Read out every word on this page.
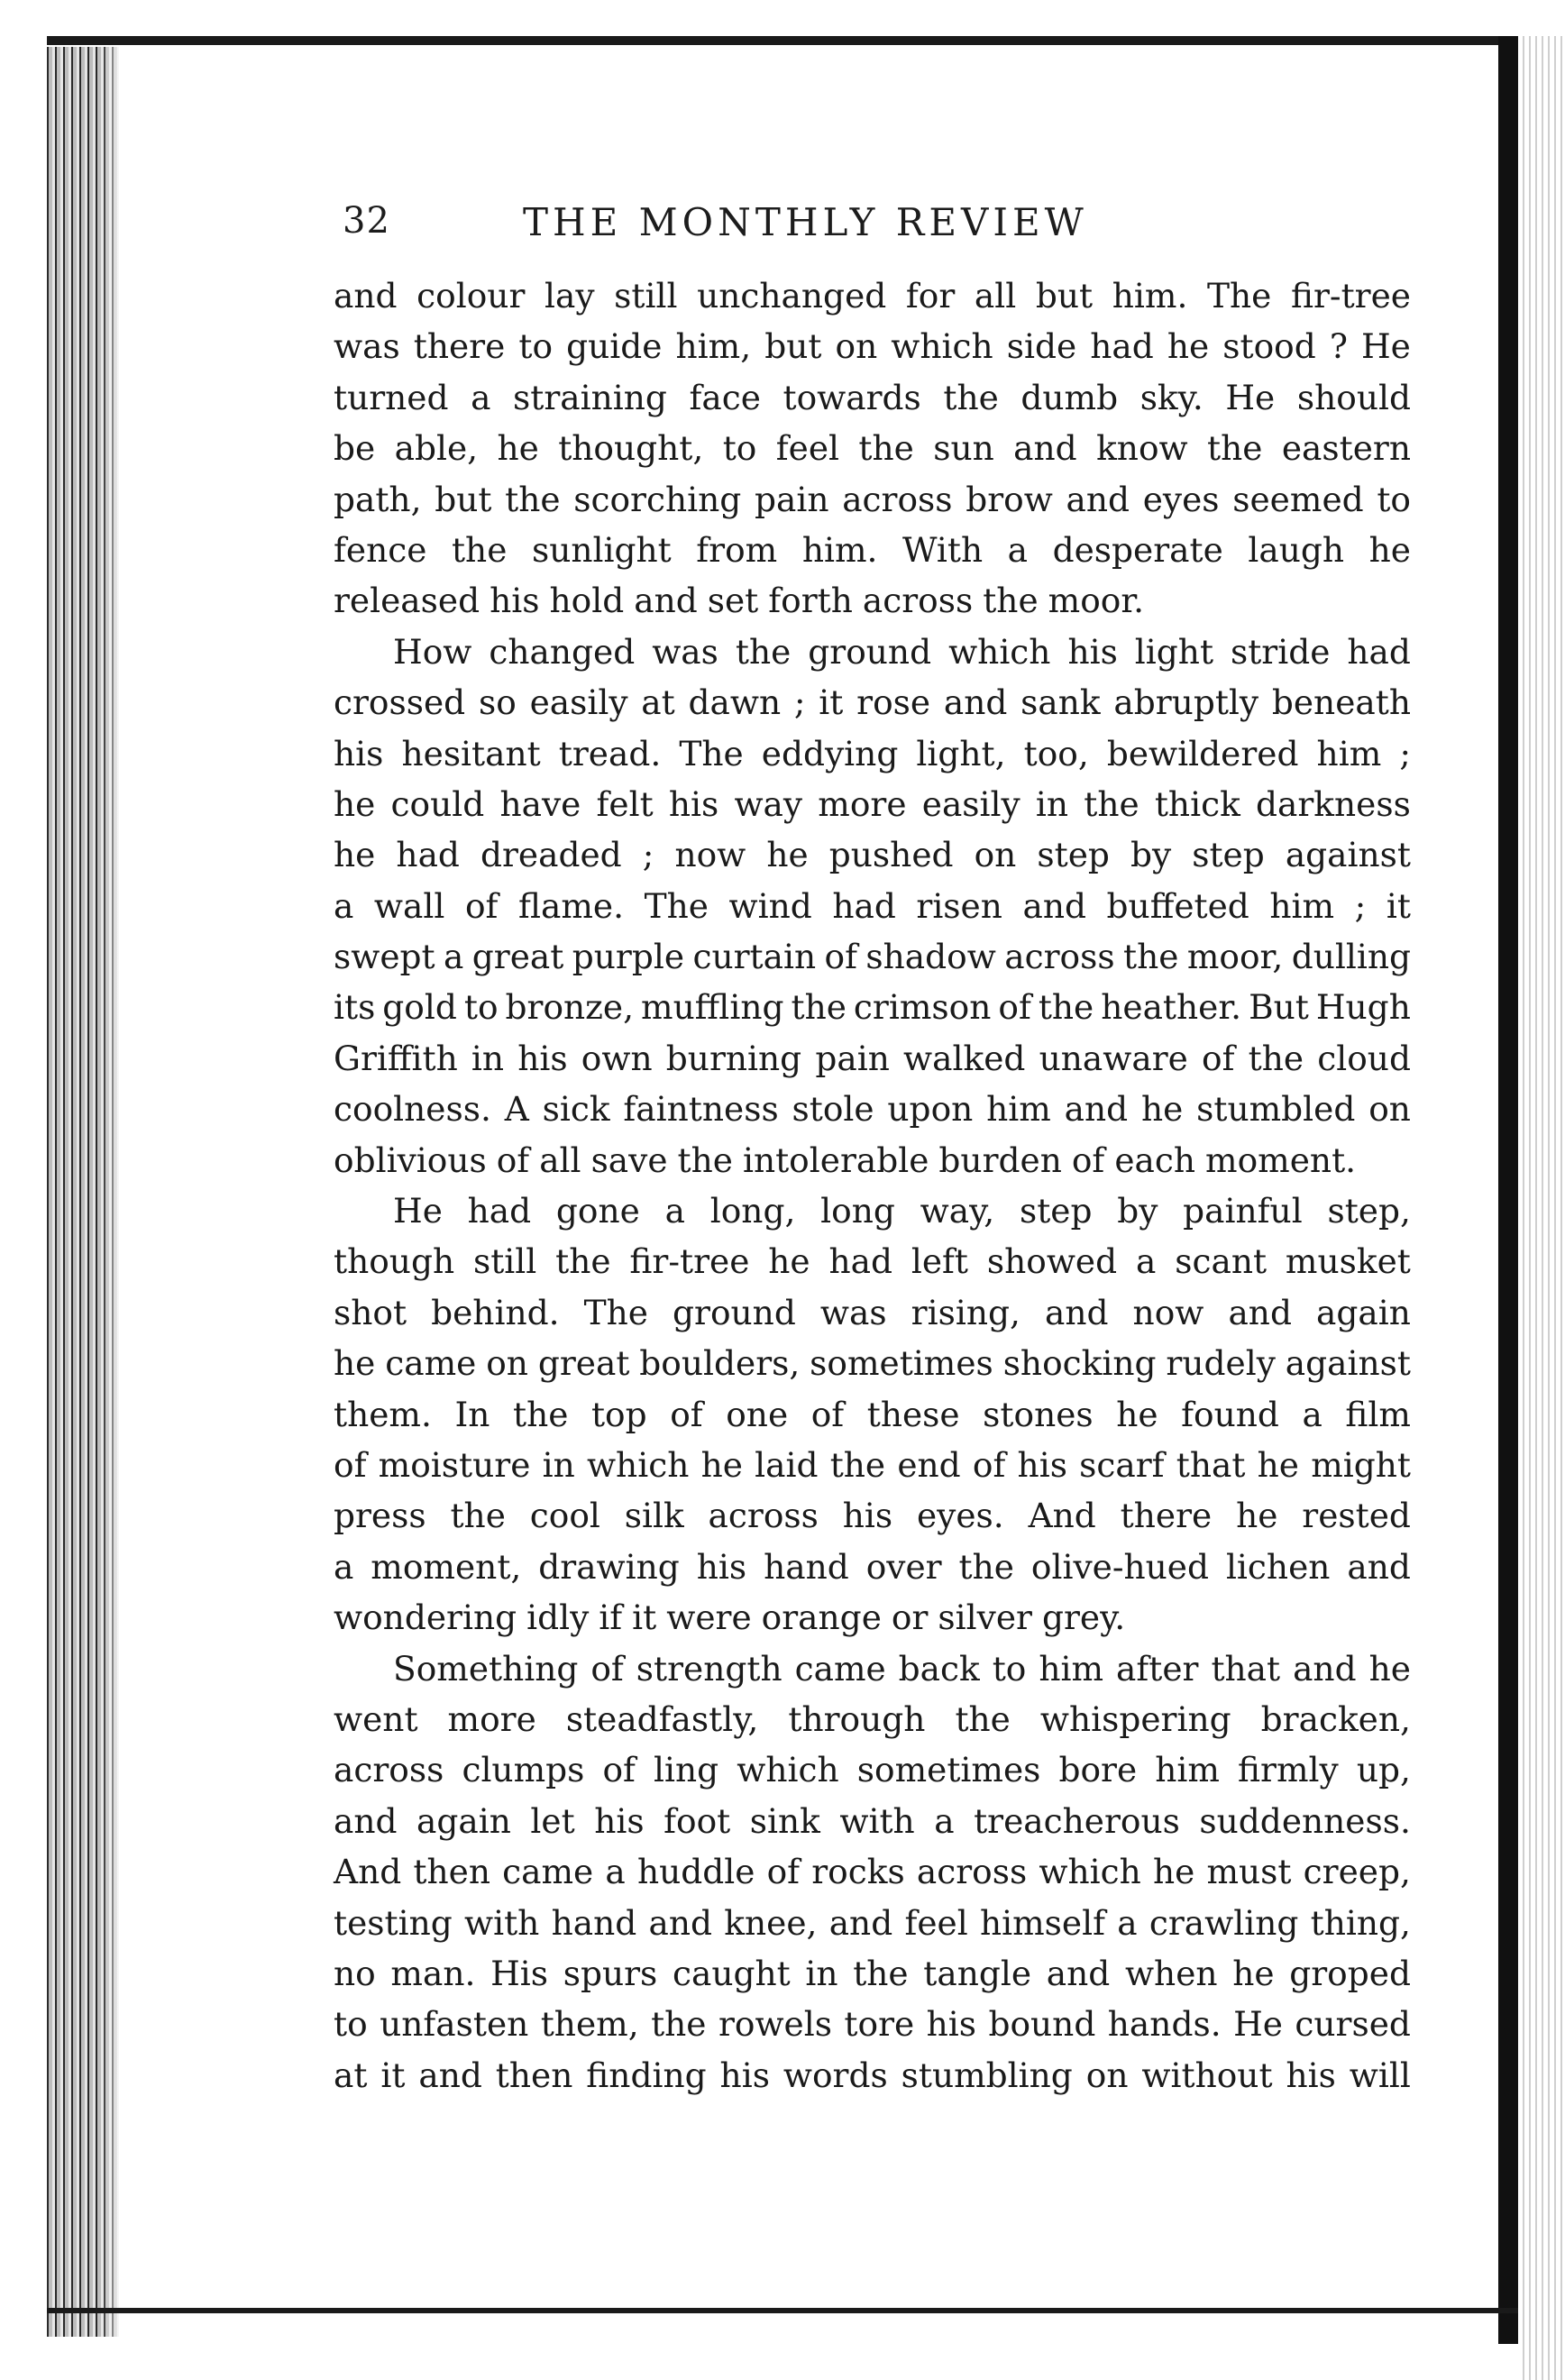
32	THE MONTHLY REVIEW
and colour lay still unchanged for all but him. The fir-tree
was there to guide him, but on which side had he stood ? He
turned a straining face towards the dumb sky. He should
be able, he thought, to feel the sun and know the eastern
path, but the scorching pain across brow and eyes seemed to
fence the sunlight from him. With a desperate laugh he
released his hold and set forth across the moor.
How changed was the ground which his light stride had
crossed so easily at dawn ; it rose and sank abruptly beneath
his hesitant tread. The eddying light, too, bewildered him ;
he could have felt his way more easily in the thick darkness
he had dreaded ; now he pushed on step by step against
a wall of flame. The wind had risen and buffeted him ; it
swept a great purple curtain of shadow across the moor, dulling
its gold to bronze, muffling the crimson of the heather. But Hugh
Griffith in his own burning pain walked unaware of the cloud
coolness. A sick faintness stole upon him and he stumbled on
oblivious of all save the intolerable burden of each moment.
He had gone a long, long way, step by painful step,
though still the fir-tree he had left showed a scant musket
shot behind. The ground was rising, and now and again
he came on great boulders, sometimes shocking rudely against
them. In the top of one of these stones he found a film
of moisture in which he laid the end of his scarf that he might
press the cool silk across his eyes. And there he rested
a moment, drawing his hand over the olive-hued lichen and
wondering idly if it were orange or silver grey.
Something of strength came back to him after that and he
went more steadfastly, through the whispering bracken,
across clumps of ling which sometimes bore him firmly up,
and again let his foot sink with a treacherous suddenness.
And then came a huddle of rocks across which he must creep,
testing with hand and knee, and feel himself a crawling thing,
no man. His spurs caught in the tangle and when he groped
to unfasten them, the rowels tore his bound hands. He cursed
at it and then finding his words stumbling on without his will
